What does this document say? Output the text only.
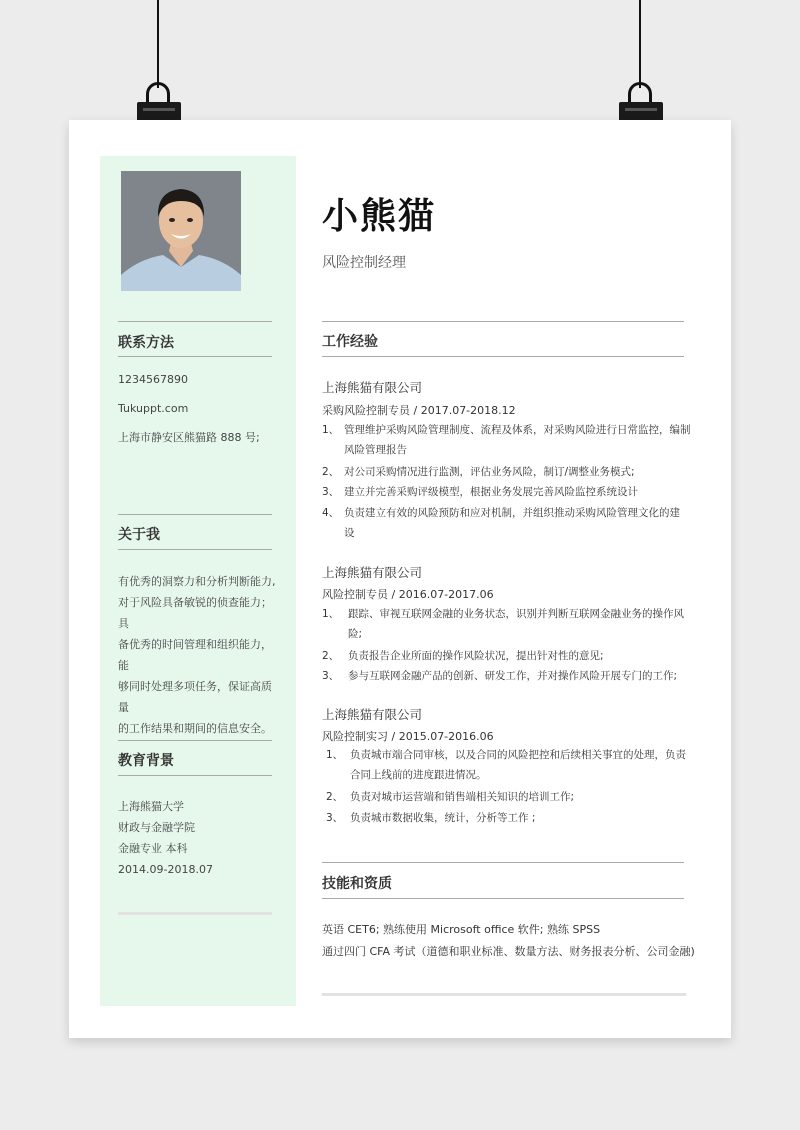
联系方法
1234567890
Tukuppt.com
上海市静安区熊猫路 888 号;
关于我
有优秀的洞察力和分析判断能力,
对于风险具备敏锐的侦查能力；具
备优秀的时间管理和组织能力，能
够同时处理多项任务，保证高质量
的工作结果和期间的信息安全。
教育背景
上海熊猫大学
财政与金融学院
金融专业 本科
2014.09-2018.07
小熊猫
风险控制经理
工作经验
上海熊猫有限公司
采购风险控制专员 / 2017.07-2018.12
1、 管理维护采购风险管理制度、流程及体系，对采购风险进行日常监控，编制
风险管理报告
2、 对公司采购情况进行监测，评估业务风险，制订/调整业务模式;
3、 建立并完善采购评级模型，根据业务发展完善风险监控系统设计
4、 负责建立有效的风险预防和应对机制，并组织推动采购风险管理文化的建
设
上海熊猫有限公司
风险控制专员 / 2016.07-2017.06
1、 跟踪、审视互联网金融的业务状态，识别并判断互联网金融业务的操作风
险;
2、 负责报告企业所面的操作风险状况，提出针对性的意见;
3、 参与互联网金融产品的创新、研发工作，并对操作风险开展专门的工作;
上海熊猫有限公司
风险控制实习 / 2015.07-2016.06
1、 负责城市端合同审核，以及合同的风险把控和后续相关事宜的处理，负责
合同上线前的进度跟进情况。
2、 负责对城市运营端和销售端相关知识的培训工作;
3、 负责城市数据收集，统计，分析等工作 ;
技能和资质
英语 CET6; 熟练使用 Microsoft office 软件; 熟练 SPSS
通过四门 CFA 考试（道德和职业标准、数量方法、财务报表分析、公司金融)
